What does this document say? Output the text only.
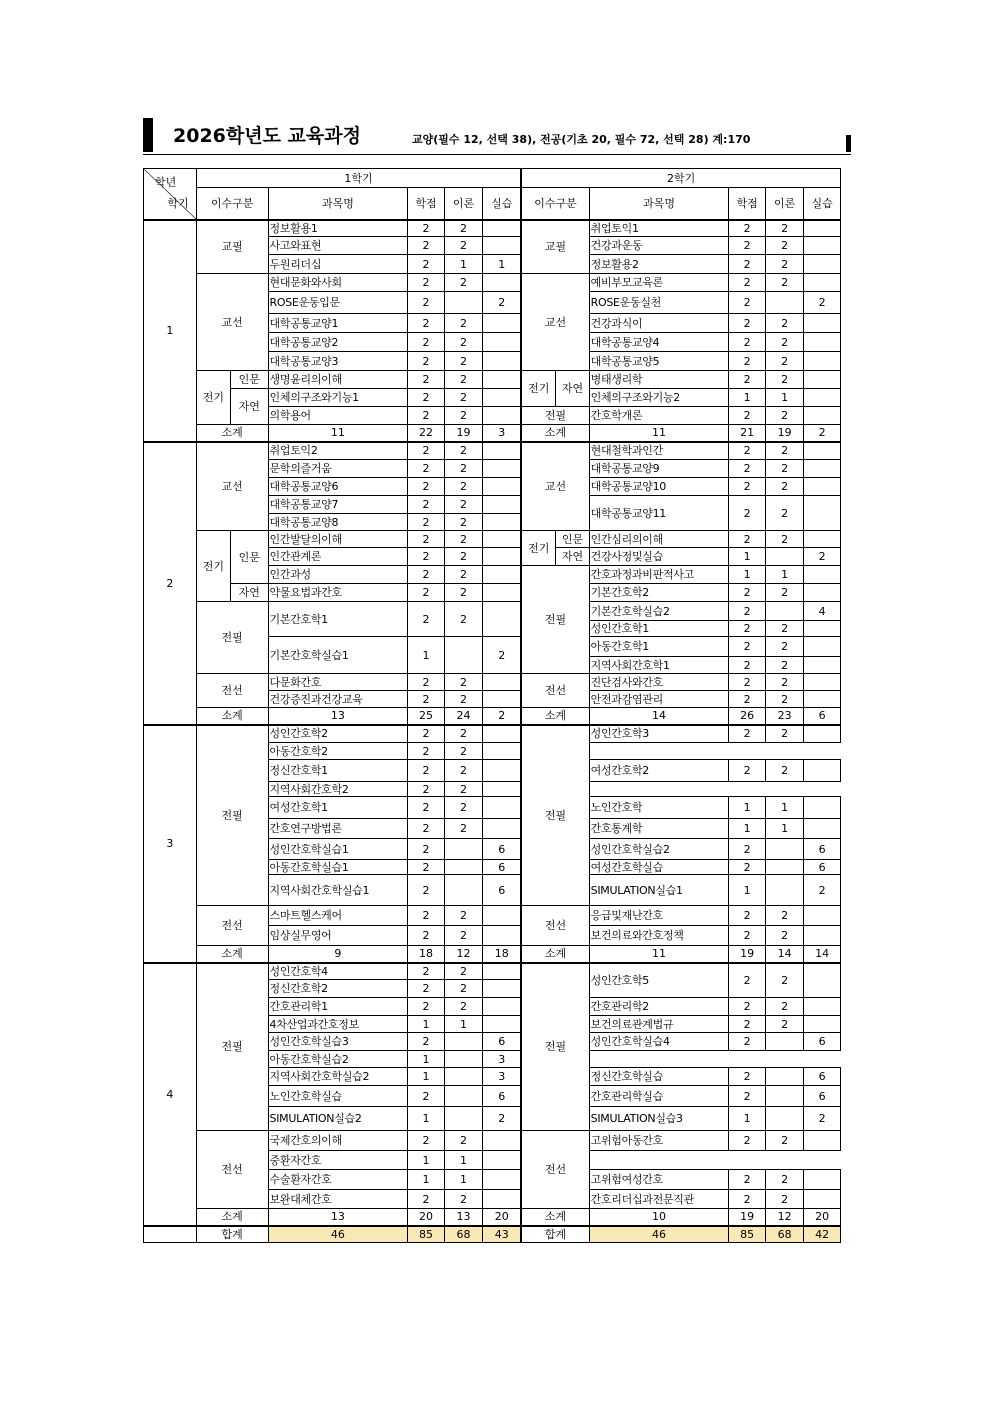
2026학년도 교육과정	교양(필수 12, 선택 38), 전공(기초 20, 필수 72, 선택 28) 계:170
학기
학년	1학기						2학기					
	이수구분		과목명	학점	이론	실습	이수구분		과목명	학점	이론	실습
1	교필		정보활용1	2	2		교필		취업토익1	2	2	
			사고와표현	2	2				건강과운동	2	2	
			두원리더십	2	1	1			정보활용2	2	2	
	교선		현대문화와사회	2	2		교선		예비부모교육론	2	2	
			ROSE운동입문	2		2			ROSE운동실천	2		2
			대학공통교양1	2	2				건강과식이	2	2	
			대학공통교양2	2	2				대학공통교양4	2	2	
			대학공통교양3	2	2				대학공통교양5	2	2	
	전기	인문	생명윤리의이해	2	2		전기	자연	병태생리학	2	2	
		자연	인체의구조와기능1	2	2				인체의구조와기능2	1	1	
			의학용어	2	2		전필		간호학개론	2	2	
	소계		11	22	19	3	소계		11	21	19	2
2	교선		취업토익2	2	2		교선		현대철학과인간	2	2	
			문학의즐거움	2	2				대학공통교양9	2	2	
			대학공통교양6	2	2				대학공통교양10	2	2	
			대학공통교양7	2	2				대학공통교양11	2	2	
			대학공통교양8	2	2							
	전기	인문	인간발달의이해	2	2		전기	인문	인간심리의이해	2	2	
			인간관계론	2	2			자연	건강사정및실습	1		2
			인간과성	2	2		전필		간호과정과비판적사고	1	1	
		자연	약물요법과간호	2	2				기본간호학2	2	2	
	전필		기본간호학1	2	2				기본간호학실습2	2		4
									성인간호학1	2	2	
			기본간호학실습1	1		2			아동간호학1	2	2	
									지역사회간호학1	2	2	
	전선		다문화간호	2	2		전선		진단검사와간호	2	2	
			건강증진과건강교육	2	2				안전과감염관리	2	2	
	소계		13	25	24	2	소계		14	26	23	6
3	전필		성인간호학2	2	2		전필		성인간호학3	2	2	
			아동간호학2	2	2							
			정신간호학1	2	2				여성간호학2	2	2	
			지역사회간호학2	2	2							
			여성간호학1	2	2				노인간호학	1	1	
			간호연구방법론	2	2				간호통계학	1	1	
			성인간호학실습1	2		6			성인간호학실습2	2		6
			아동간호학실습1	2		6			여성간호학실습	2		6
			지역사회간호학실습1	2		6			SIMULATION실습1	1		2
	전선		스마트헬스케어	2	2		전선		응급및재난간호	2	2	
			임상실무영어	2	2				보건의료와간호정책	2	2	
	소계		9	18	12	18	소계		11	19	14	14
4	전필		성인간호학4	2	2		전필		성인간호학5	2	2	
			정신간호학2	2	2							
			간호관리학1	2	2				간호관리학2	2	2	
			4차산업과간호정보	1	1				보건의료관계법규	2	2	
			성인간호학실습3	2		6			성인간호학실습4	2		6
			아동간호학실습2	1		3						
			지역사회간호학실습2	1		3			정신간호학실습	2		6
			노인간호학실습	2		6			간호관리학실습	2		6
			SIMULATION실습2	1		2			SIMULATION실습3	1		2
	전선		국제간호의이해	2	2		전선		고위험아동간호	2	2	
			중환자간호	1	1							
			수술환자간호	1	1				고위험여성간호	2	2	
			보완대체간호	2	2				간호리더십과전문직관	2	2	
	소계		13	20	13	20	소계		10	19	12	20
	합계		46	85	68	43	합계		46	85	68	42
